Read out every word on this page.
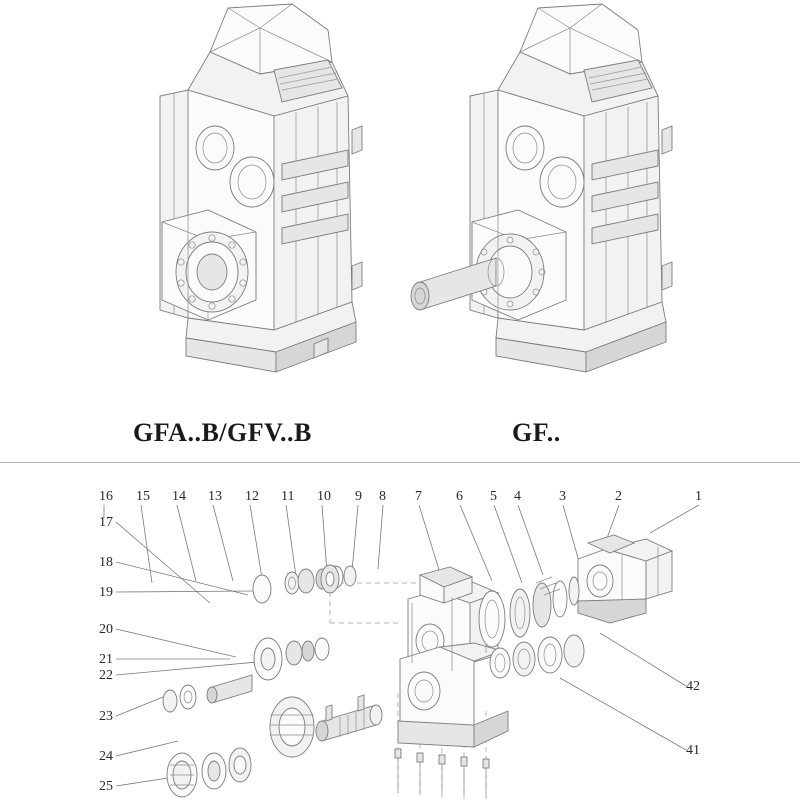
GFA..B/GFV..B	GF..
16 15 14 13 12 11 10 9 8 7 6 5 4	3	2	1
17
18
19
20
21
22
23
24
25
42
41
